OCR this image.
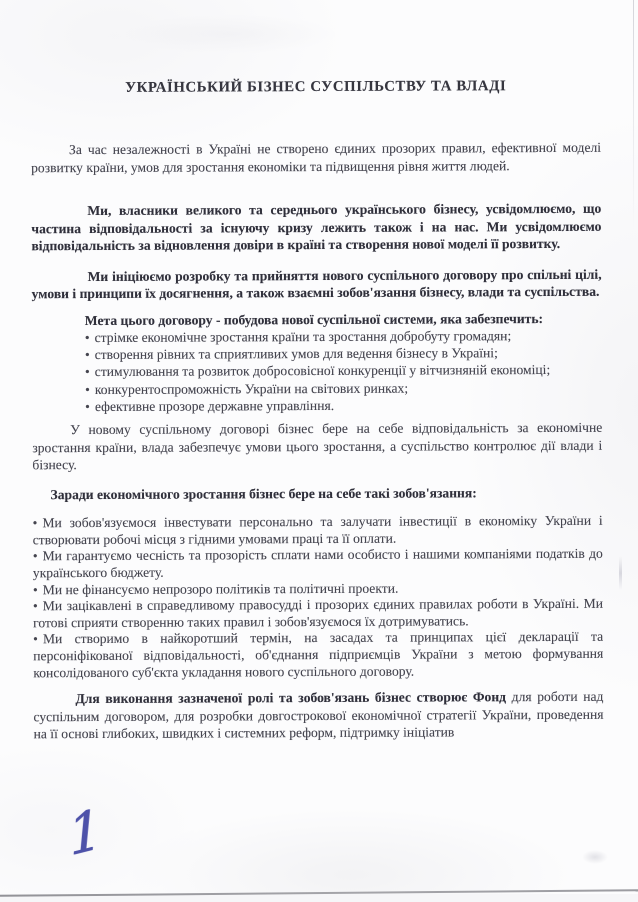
УКРАЇНСЬКИЙ БІЗНЕС СУСПІЛЬСТВУ ТА ВЛАДІ

За час незалежності в Україні не створено єдиних прозорих правил, ефективної моделі розвитку країни, умов для зростання економіки та підвищення рівня життя людей.

Ми, власники великого та середнього українського бізнесу, усвідомлюємо, що частина відповідальності за існуючу кризу лежить також і на нас. Ми усвідомлюємо відповідальність за відновлення довіри в країні та створення нової моделі її розвитку.

Ми ініціюємо розробку та прийняття нового суспільного договору про спільні цілі, умови і принципи їх досягнення, а також взаємні зобов'язання бізнесу, влади та суспільства.

Мета цього договору - побудова нової суспільної системи, яка забезпечить:

• стрімке економічне зростання країни та зростання добробуту громадян;

• створення рівних та сприятливих умов для ведення бізнесу в Україні;

• стимулювання та розвиток добросовісної конкуренції у вітчизняній економіці;

• конкурентоспроможність України на світових ринках;

• ефективне прозоре державне управління.

У новому суспільному договорі бізнес бере на себе відповідальність за економічне зростання країни, влада забезпечує умови цього зростання, а суспільство контролює дії влади і бізнесу.

Заради економічного зростання бізнес бере на себе такі зобов'язання:

• Ми зобов'язуємося інвестувати персонально та залучати інвестиції в економіку України і створювати робочі місця з гідними умовами праці та її оплати.

• Ми гарантуємо чесність та прозорість сплати нами особисто і нашими компаніями податків до українського бюджету.

• Ми не фінансуємо непрозоро політиків та політичні проекти.

• Ми зацікавлені в справедливому правосудді і прозорих єдиних правилах роботи в Україні. Ми готові сприяти створенню таких правил і зобов'язуємося їх дотримуватись.

• Ми створимо в найкоротший термін, на засадах та принципах цієї декларації та персоніфікованої відповідальності, об'єднання підприємців України з метою формування консолідованого суб'єкта укладання нового суспільного договору.

Для виконання зазначеної ролі та зобов'язань бізнес створює Фонд для роботи над суспільним договором, для розробки довгострокової економічної стратегії України, проведення на її основі глибоких, швидких і системних реформ, підтримку ініціатив

1
